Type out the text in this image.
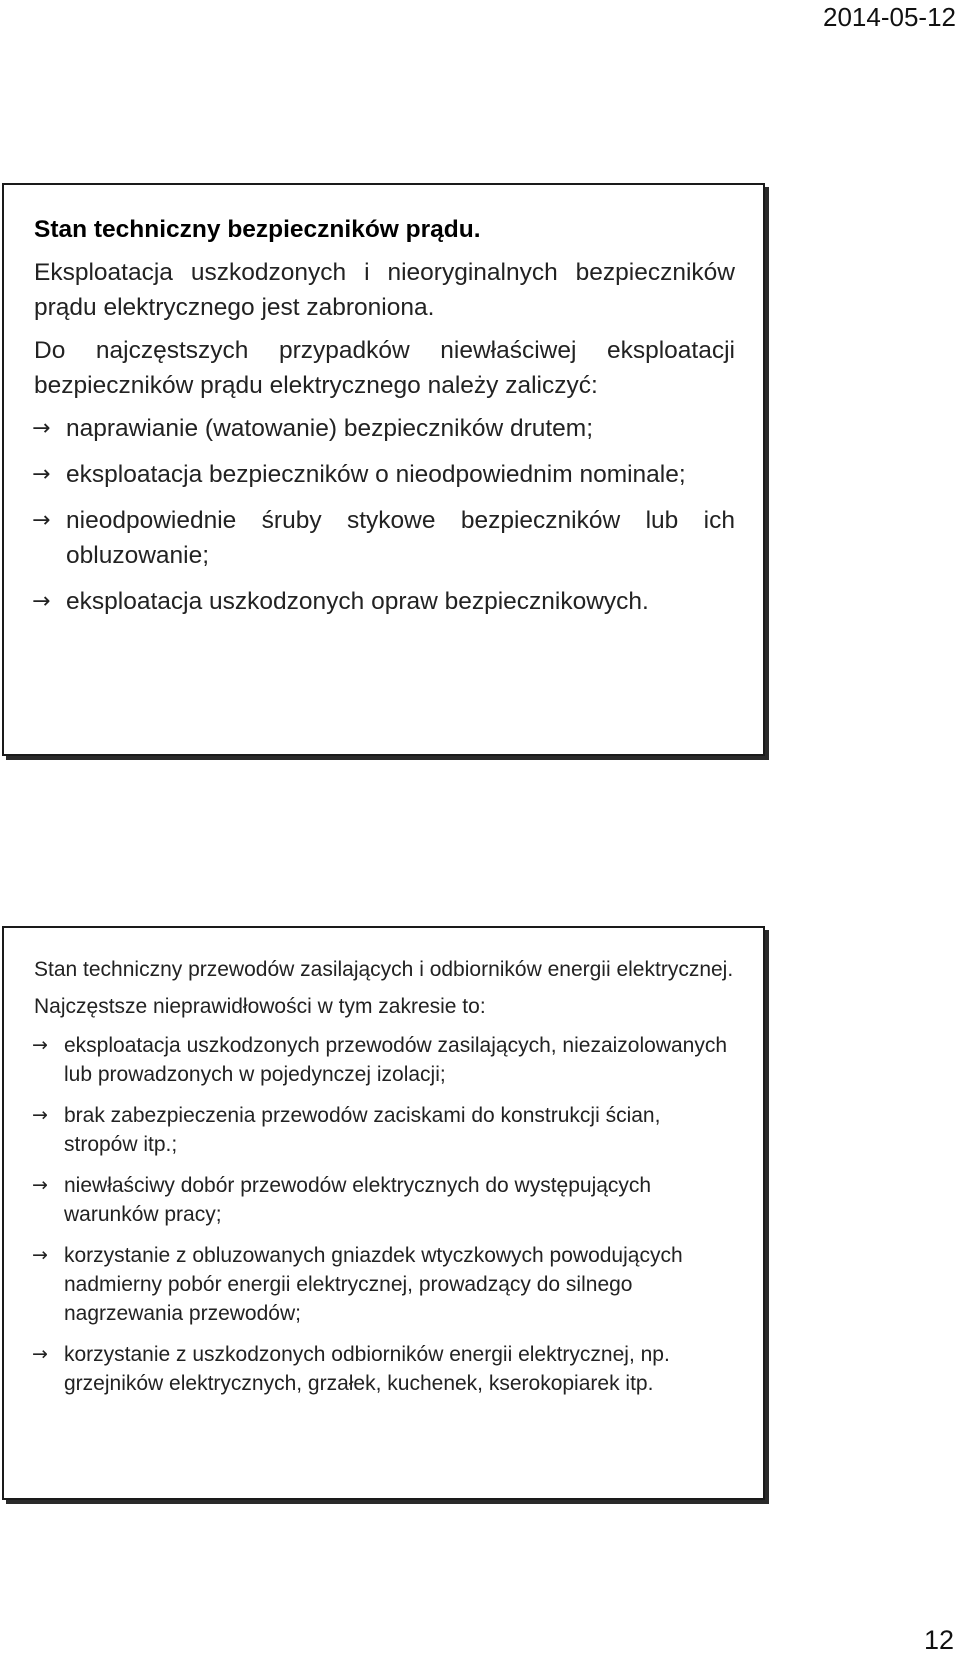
2014-05-12
Stan techniczny bezpieczników prądu.
Eksploatacja uszkodzonych i nieoryginalnych bezpieczników prądu elektrycznego jest zabroniona.
Do najczęstszych przypadków niewłaściwej eksploatacji bezpieczników prądu elektrycznego należy zaliczyć:
→ naprawianie (watowanie) bezpieczników drutem;
→ eksploatacja bezpieczników o nieodpowiednim nominale;
→ nieodpowiednie śruby stykowe bezpieczników lub ich obluzowanie;
→ eksploatacja uszkodzonych opraw bezpiecznikowych.
Stan techniczny przewodów zasilających i odbiorników energii elektrycznej.
Najczęstsze nieprawidłowości w tym zakresie to:
→ eksploatacja uszkodzonych przewodów zasilających, niezaizolowanych lub prowadzonych w pojedynczej izolacji;
→ brak zabezpieczenia przewodów zaciskami do konstrukcji ścian, stropów itp.;
→ niewłaściwy dobór przewodów elektrycznych do występujących warunków pracy;
→ korzystanie z obluzowanych gniazdek wtyczkowych powodujących nadmierny pobór energii elektrycznej, prowadzący do silnego nagrzewania przewodów;
→ korzystanie z uszkodzonych odbiorników energii elektrycznej, np. grzejników elektrycznych, grzałek, kuchenek, kserokopiarek itp.
12
